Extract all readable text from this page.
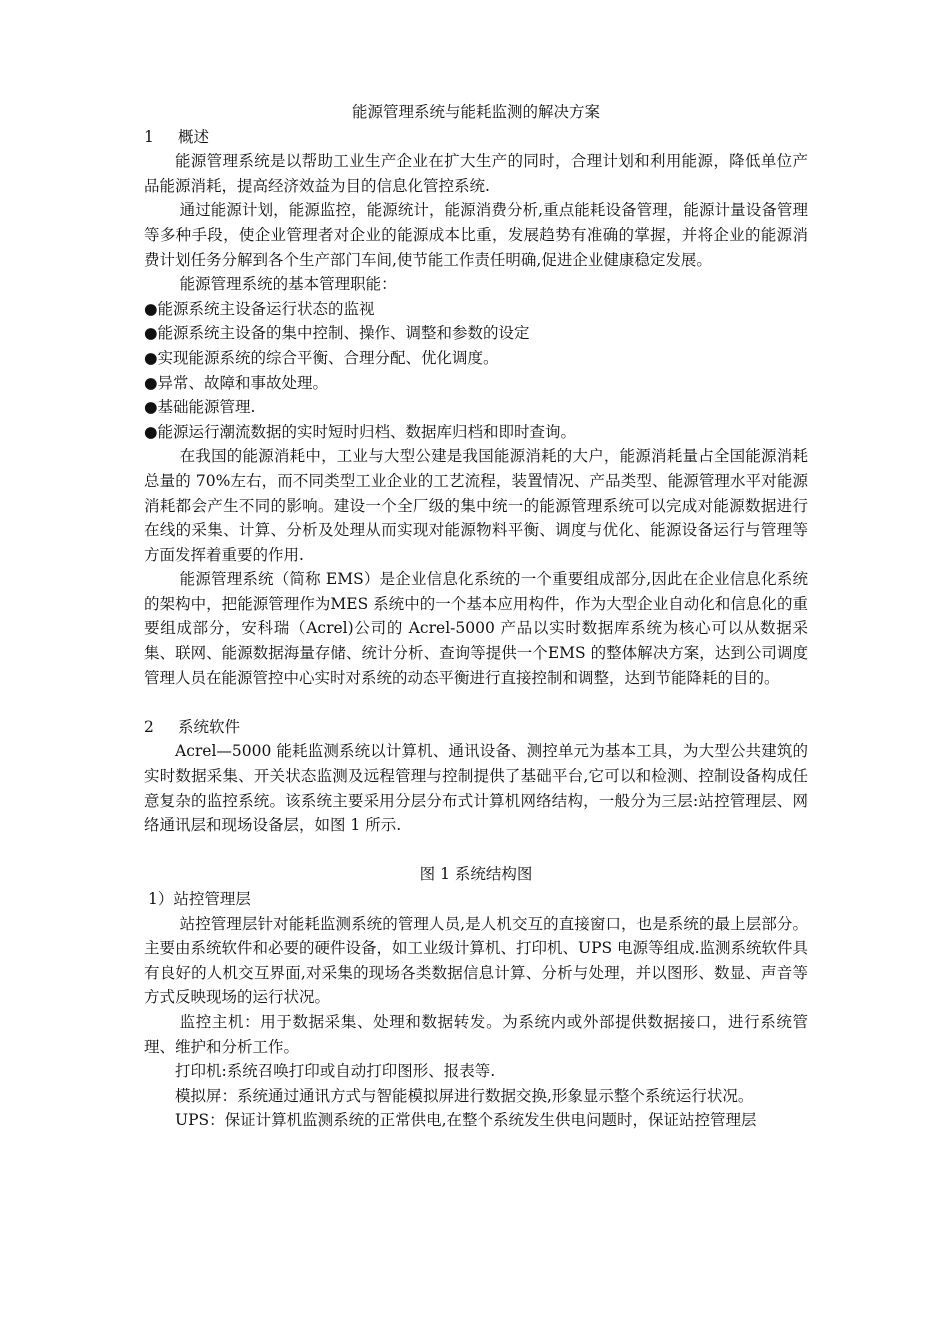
能源管理系统与能耗监测的解决方案
1 概述

能源管理系统是以帮助工业生产企业在扩大生产的同时，合理计划和利用能源，降低单位产品能源消耗，提高经济效益为目的信息化管控系统.

通过能源计划，能源监控，能源统计，能源消费分析,重点能耗设备管理，能源计量设备管理等多种手段，使企业管理者对企业的能源成本比重，发展趋势有准确的掌握，并将企业的能源消费计划任务分解到各个生产部门车间,使节能工作责任明确,促进企业健康稳定发展。

能源管理系统的基本管理职能：

●能源系统主设备运行状态的监视

●能源系统主设备的集中控制、操作、调整和参数的设定

●实现能源系统的综合平衡、合理分配、优化调度。

●异常、故障和事故处理。

●基础能源管理.

●能源运行潮流数据的实时短时归档、数据库归档和即时查询。

在我国的能源消耗中，工业与大型公建是我国能源消耗的大户，能源消耗量占全国能源消耗总量的 70%左右，而不同类型工业企业的工艺流程，装置情况、产品类型、能源管理水平对能源消耗都会产生不同的影响。建设一个全厂级的集中统一的能源管理系统可以完成对能源数据进行在线的采集、计算、分析及处理从而实现对能源物料平衡、调度与优化、能源设备运行与管理等方面发挥着重要的作用.

能源管理系统（简称 EMS）是企业信息化系统的一个重要组成部分,因此在企业信息化系统的架构中，把能源管理作为MES 系统中的一个基本应用构件，作为大型企业自动化和信息化的重要组成部分，安科瑞（Acrel)公司的 Acrel-5000 产品以实时数据库系统为核心可以从数据采集、联网、能源数据海量存储、统计分析、查询等提供一个EMS 的整体解决方案，达到公司调度管理人员在能源管控中心实时对系统的动态平衡进行直接控制和调整，达到节能降耗的目的。

2 系统软件

Acrel—5000 能耗监测系统以计算机、通讯设备、测控单元为基本工具，为大型公共建筑的实时数据采集、开关状态监测及远程管理与控制提供了基础平台,它可以和检测、控制设备构成任意复杂的监控系统。该系统主要采用分层分布式计算机网络结构，一般分为三层:站控管理层、网络通讯层和现场设备层，如图 1 所示.

图 1 系统结构图

1）站控管理层

站控管理层针对能耗监测系统的管理人员,是人机交互的直接窗口，也是系统的最上层部分。主要由系统软件和必要的硬件设备，如工业级计算机、打印机、UPS 电源等组成.监测系统软件具有良好的人机交互界面,对采集的现场各类数据信息计算、分析与处理，并以图形、数显、声音等方式反映现场的运行状况。

监控主机：用于数据采集、处理和数据转发。为系统内或外部提供数据接口，进行系统管理、维护和分析工作。

打印机:系统召唤打印或自动打印图形、报表等.

模拟屏：系统通过通讯方式与智能模拟屏进行数据交换,形象显示整个系统运行状况。

UPS：保证计算机监测系统的正常供电,在整个系统发生供电问题时，保证站控管理层
